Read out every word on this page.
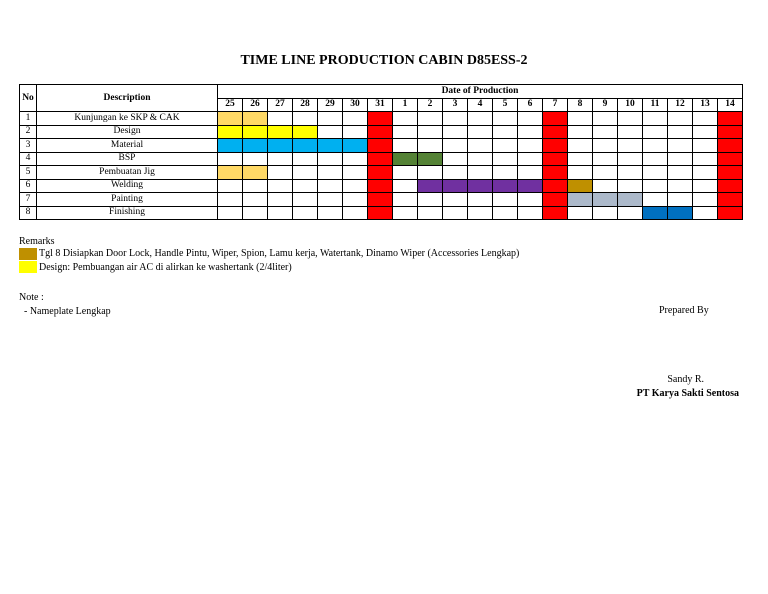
TIME LINE PRODUCTION CABIN D85ESS-2
No	Description	Date of Production																				
		25	26	27	28	29	30	31	1	2	3	4	5	6	7	8	9	10	11	12	13	14
1	Kunjungan ke SKP & CAK																					
2	Design																					
3	Material																					
4	BSP																					
5	Pembuatan Jig																					
6	Welding																					
7	Painting																					
8	Finishing																					
Remarks
Tgl 8 Disiapkan Door Lock, Handle Pintu, Wiper, Spion, Lamu kerja, Watertank, Dinamo Wiper (Accessories Lengkap)
Design: Pembuangan air AC di alirkan ke washertank (2/4liter)
Note :
- Nameplate Lengkap	Prepared By
Sandy R.
PT Karya Sakti Sentosa
